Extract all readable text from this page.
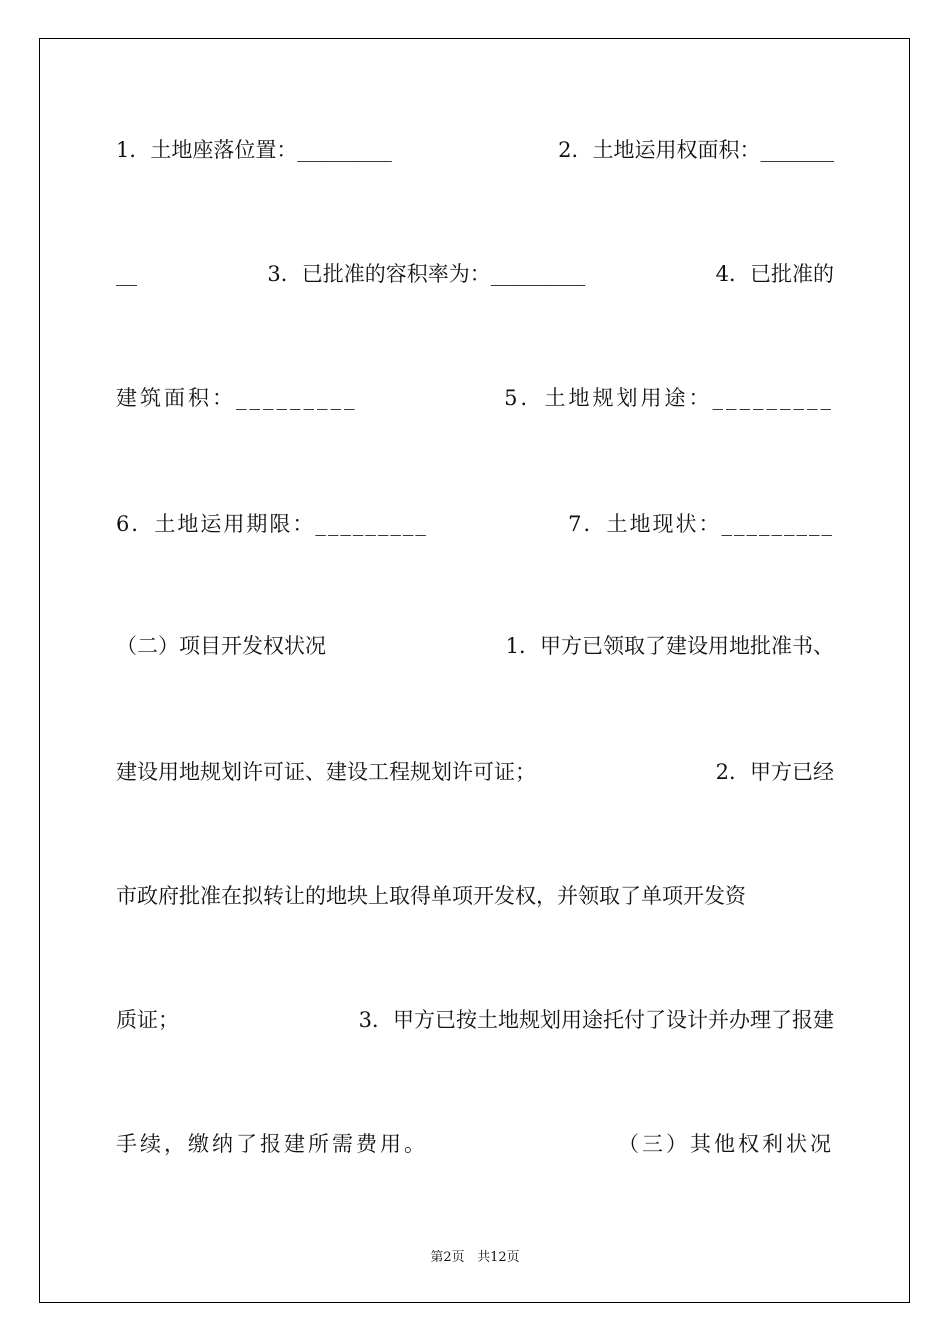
1．土地座落位置：_________	2．土地运用权面积：_______
__	3．已批准的容积率为：_________	4．已批准的
建筑面积：_________	5．土地规划用途：_________
6．土地运用期限：_________	7．土地现状：_________
（二）项目开发权状况	1．甲方已领取了建设用地批准书、
建设用地规划许可证、建设工程规划许可证；	2．甲方已经
市政府批准在拟转让的地块上取得单项开发权，并领取了单项开发资
质证；	3．甲方已按土地规划用途托付了设计并办理了报建
手续，缴纳了报建所需费用。	（三）其他权利状况
第2页 共12页
